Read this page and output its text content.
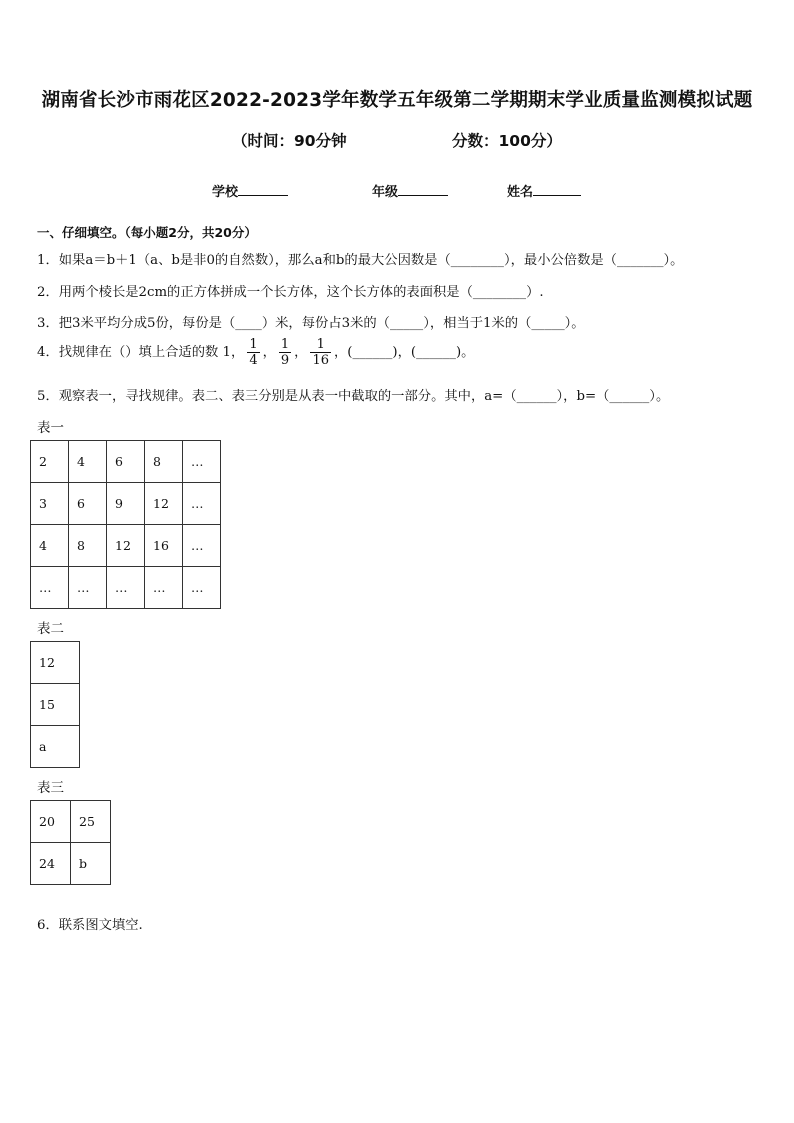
湖南省长沙市雨花区2022-2023学年数学五年级第二学期期末学业质量监测模拟试题
（时间：90分钟	分数：100分）
学校	年级	姓名
一、仔细填空。（每小题2分，共20分）
1．如果a＝b＋1（a、b是非0的自然数），那么a和b的最大公因数是（________），最小公倍数是（_______）。
2．用两个棱长是2cm的正方体拼成一个长方体，这个长方体的表面积是（________）.
3．把3米平均分成5份，每份是（____）米，每份占3米的（_____），相当于1米的（_____）。
4．找规律在（）填上合适的数 1， $\frac{1}{4}$ ， $\frac{1}{9}$ ， $\frac{1}{16}$ ，(______)，(______)。
5．观察表一，寻找规律。表二、表三分别是从表一中截取的一部分。其中，a=（______），b=（______）。
表一
2	4	6	8	…
3	6	9	12	…
4	8	12	16	…
…	…	…	…	…
表二
12
15
a
表三
20	25
24	b
6．联系图文填空.
